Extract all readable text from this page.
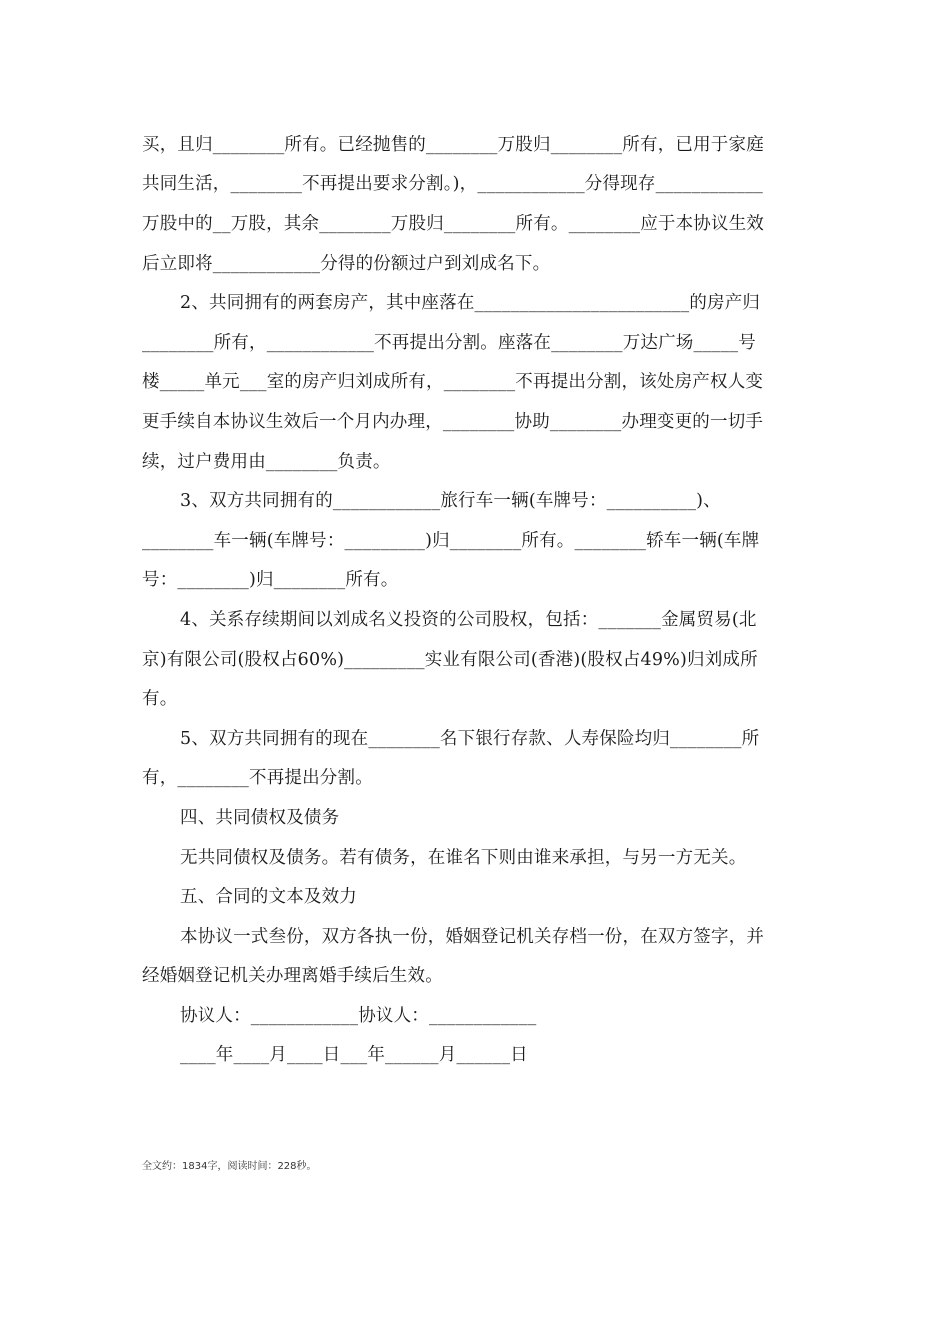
买，且归________所有。已经抛售的________万股归________所有，已用于家庭
共同生活，________不再提出要求分割。)，____________分得现存____________
万股中的__万股，其余________万股归________所有。________应于本协议生效
后立即将____________分得的份额过户到刘成名下。
2、共同拥有的两套房产，其中座落在________________________的房产归
________所有，____________不再提出分割。座落在________万达广场_____号
楼_____单元___室的房产归刘成所有，________不再提出分割，该处房产权人变
更手续自本协议生效后一个月内办理，________协助________办理变更的一切手
续，过户费用由________负责。
3、双方共同拥有的____________旅行车一辆(车牌号：__________)、
________车一辆(车牌号：_________)归________所有。________轿车一辆(车牌
号：________)归________所有。
4、关系存续期间以刘成名义投资的公司股权，包括：_______金属贸易(北
京)有限公司(股权占60%)_________实业有限公司(香港)(股权占49%)归刘成所
有。
5、双方共同拥有的现在________名下银行存款、人寿保险均归________所
有，________不再提出分割。
四、共同债权及债务
无共同债权及债务。若有债务，在谁名下则由谁来承担，与另一方无关。
五、合同的文本及效力
本协议一式叁份，双方各执一份，婚姻登记机关存档一份，在双方签字，并
经婚姻登记机关办理离婚手续后生效。
协议人：____________协议人：____________
____年____月____日___年______月______日
全文约：1834字，阅读时间：228秒。
